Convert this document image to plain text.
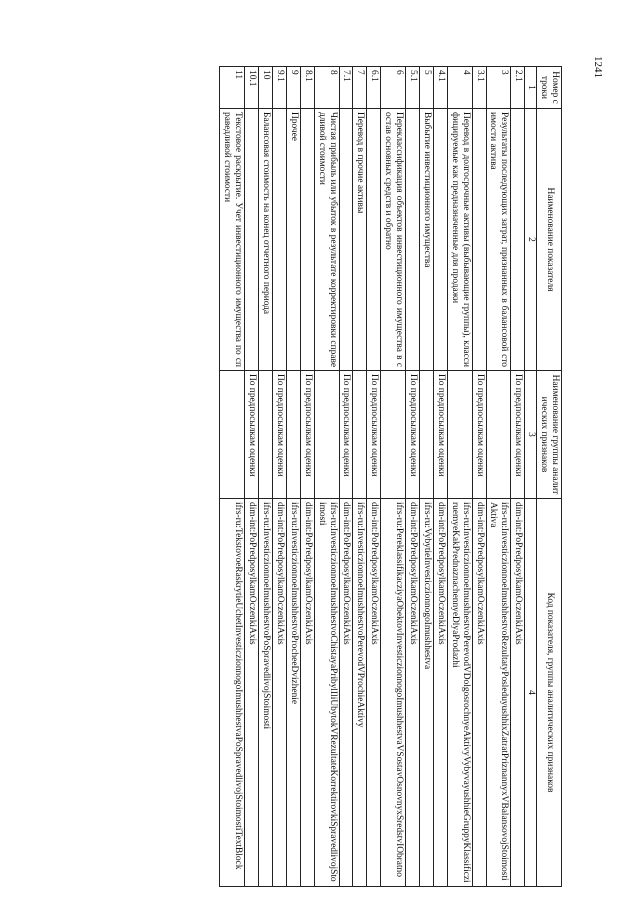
1241
Номер строки	Наименование показателя	Наименование группы аналитических признаков	Код показателя, группы аналитических признаков
1	2	3	4
2.1		По предпосылкам оценки	dim-int:PoPredposylkamOczenkiAxis
3	Результаты последующих затрат, признанных в балансовой стоимости актива		ifrs-ru:InvesticzionnoeImushhestvoRezultatyPosleduyushhixZatratPriznannyxVBalansovojStoimostiAktiva
3.1		По предпосылкам оценки	dim-int:PoPredposylkamOczenkiAxis
4	Перевод в долгосрочные активы (выбывающие группы), классифицируемые как предназначенные для продажи		ifrs-ru:InvesticzionnoeImushhestvoPerevodVDolgosrochnyeAktivyVybyvayushhieGruppyKlassificziruemyeKakPrednaznachennyeDlyaProdazhi
4.1		По предпосылкам оценки	dim-int:PoPredposylkamOczenkiAxis
5	Выбытие инвестиционного имущества		ifrs-ru:VybytieInvesticzionnogoImushhestva
5.1		По предпосылкам оценки	dim-int:PoPredposylkamOczenkiAxis
6	Переклассификация объектов инвестиционного имущества в состав основных средств и обратно		ifrs-ru:PereklassifikacziyaObektovInvesticzionnogoImushhestvaVSostavOsnovnyxSredstvIObratno
6.1		По предпосылкам оценки	dim-int:PoPredposylkamOczenkiAxis
7	Перевод в прочие активы		ifrs-ru:InvesticzionnoeImushhestvoPerevodVProchieAktivy
7.1		По предпосылкам оценки	dim-int:PoPredposylkamOczenkiAxis
8	Чистая прибыль или убыток в результате корректировки справедливой стоимости		ifrs-ru:InvesticzionnoeImushhestvoChistayaPribylIliUbytokVRezultateKorrektirovkiSpravedlivojStoimosti
8.1		По предпосылкам оценки	dim-int:PoPredposylkamOczenkiAxis
9	Прочее		ifrs-ru:InvesticzionnoeImushhestvoProcheeDvizhenie
9.1		По предпосылкам оценки	dim-int:PoPredposylkamOczenkiAxis
10	Балансовая стоимость на конец отчетного периода		ifrs-ru:InvesticzionnoeImushhestvoPoSpravedlivojStoimosti
10.1		По предпосылкам оценки	dim-int:PoPredposylkamOczenkiAxis
11	Текстовое раскрытие. Учет инвестиционного имущества по справедливой стоимости		ifrs-ru:TekstovoeRaskrytieUchetInvesticzionnogoImushhestvaPoSpravedlivojStoimostiTextBlock
